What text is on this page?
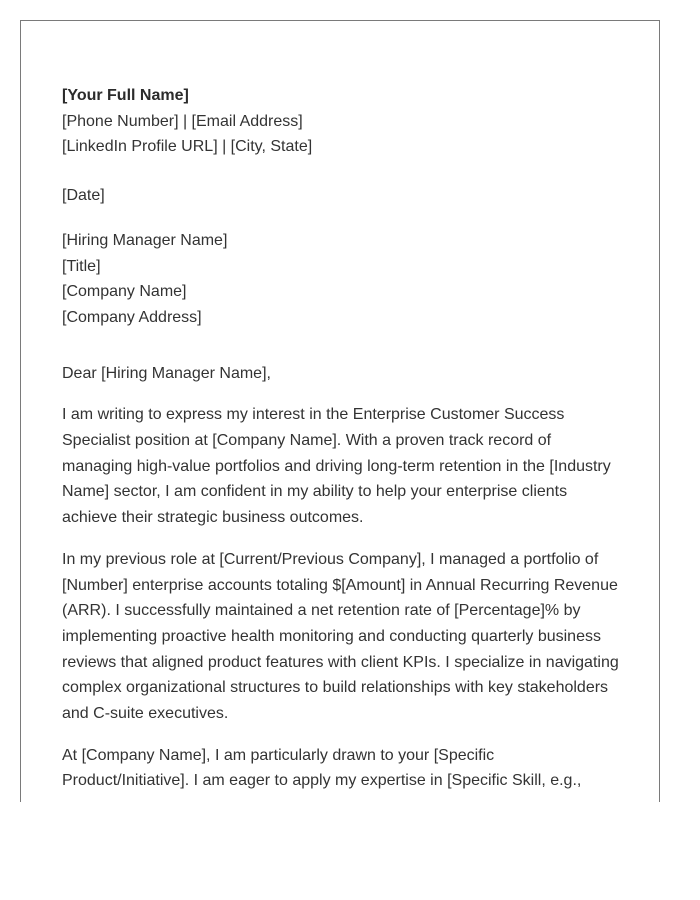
[Your Full Name]
[Phone Number] | [Email Address]
[LinkedIn Profile URL] | [City, State]
[Date]
[Hiring Manager Name]
[Title]
[Company Name]
[Company Address]
Dear [Hiring Manager Name],
I am writing to express my interest in the Enterprise Customer Success
Specialist position at [Company Name]. With a proven track record of
managing high-value portfolios and driving long-term retention in the [Industry
Name] sector, I am confident in my ability to help your enterprise clients
achieve their strategic business outcomes.
In my previous role at [Current/Previous Company], I managed a portfolio of
[Number] enterprise accounts totaling $[Amount] in Annual Recurring Revenue
(ARR). I successfully maintained a net retention rate of [Percentage]% by
implementing proactive health monitoring and conducting quarterly business
reviews that aligned product features with client KPIs. I specialize in navigating
complex organizational structures to build relationships with key stakeholders
and C-suite executives.
At [Company Name], I am particularly drawn to your [Specific
Product/Initiative]. I am eager to apply my expertise in [Specific Skill, e.g.,
